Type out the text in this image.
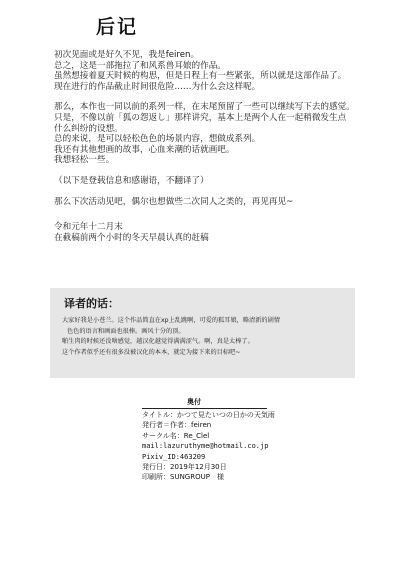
后记

初次见面或是好久不见，我是feiren。

总之，这是一部拖拉了和风系兽耳娘的作品。

虽然想接着夏天时候的构思，但是日程上有一些紧张，所以就是这部作品了。

现在进行的作品截止时间很危险……为什么会这样呢。

那么，本作也一同以前的系列一样，在末尾预留了一些可以继续写下去的感觉。

只是，不像以前「狐の怨返し」那样讲究，基本上是两个人在一起稍微发生点

什么纠纷的设想。

总的来说，是可以轻松色色的场景内容，想做成系列。

我还有其他想画的故事，心血来潮的话就画吧。

我想轻松一些。

（以下是登载信息和感谢语，不翻译了）

那么下次活动见吧，偶尔也想做些二次同人之类的，再见再见~

令和元年十二月末

在截稿前两个小时的冬天早晨认真的赶稿

译者的话：

大家好我是小苍兰。这个作品简直在xp上乱跳啊，可爱的狐耳娘，略清新的剧情

色色的语言和画面也很棒。画风十分的顶。

啪生肉的时候还没啥感觉，越汉化越觉得满满涩气。啊，真是太棒了。

这个作者似乎还有很多没被汉化的本本，就定为接下来的目标吧~

奥付

タイトル：かつて見たいつの日かの天気雨

発行者＝作者：feiren

サークル名：Re_Clel

mail:lazuruthyme@hotmail.co.jp

Pixiv_ID:463209

発行日：2019年12月30日

印刷所：SUNGROUP　様
